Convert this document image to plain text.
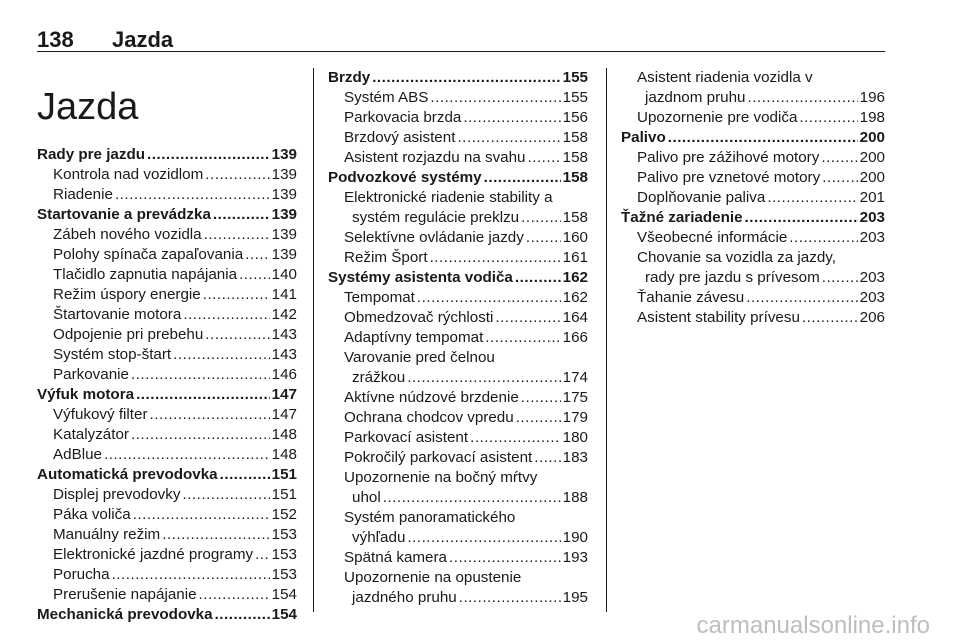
138 Jazda
Jazda
Rady pre jazdu .....	139
Kontrola nad vozidlom .....	139
Riadenie .....	139
Startovanie a prevádzka .....	139
Zábeh nového vozidla .....	139
Polohy spínača zapaľovania ..... 139
Tlačidlo zapnutia napájania ..... 140
Režim úspory energie .....	141
Štartovanie motora .....	142
Odpojenie pri prebehu .....	143
Systém stop-štart .....	143
Parkovanie .....	146
Výfuk motora .....	147
Výfukový filter .....	147
Katalyzátor .....	148
AdBlue .....	148
Automatická prevodovka .....	151
Displej prevodovky .....	151
Páka voliča .....	152
Manuálny režim .....	153
Elektronické jazdné programy ..... 153
Porucha .....	153
Prerušenie napájanie .....	154
Mechanická prevodovka .....	154
Brzdy .....	155
Systém ABS .....	155
Parkovacia brzda .....	156
Brzdový asistent .....	158
Asistent rozjazdu na svahu ..... 158
Podvozkové systémy .....	158
Elektronické riadenie stability a
systém regulácie preklzu .....	158
Selektívne ovládanie jazdy .....	160
Režim Šport .....	161
Systémy asistenta vodiča .....	162
Tempomat .....	162
Obmedzovač rýchlosti .....	164
Adaptívny tempomat .....	166
Varovanie pred čelnou
zrážkou .....	174
Aktívne núdzové brzdenie .....	175
Ochrana chodcov vpredu .....	179
Parkovací asistent .....	180
Pokročilý parkovací asistent ..... 183
Upozornenie na bočný mŕtvy
uhol .....	188
Systém panoramatického
výhľadu .....	190
Spätná kamera .....	193
Upozornenie na opustenie
jazdného pruhu .....	195
Asistent riadenia vozidla v
jazdnom pruhu .....	196
Upozornenie pre vodiča .....	198
Palivo .....	200
Palivo pre zážihové motory .....	200
Palivo pre vznetové motory .....	200
Doplňovanie paliva .....	201
Ťažné zariadenie .....	203
Všeobecné informácie .....	203
Chovanie sa vozidla za jazdy,
rady pre jazdu s prívesom .....	203
Ťahanie závesu .....	203
Asistent stability prívesu .....	206
carmanualsonline.info
